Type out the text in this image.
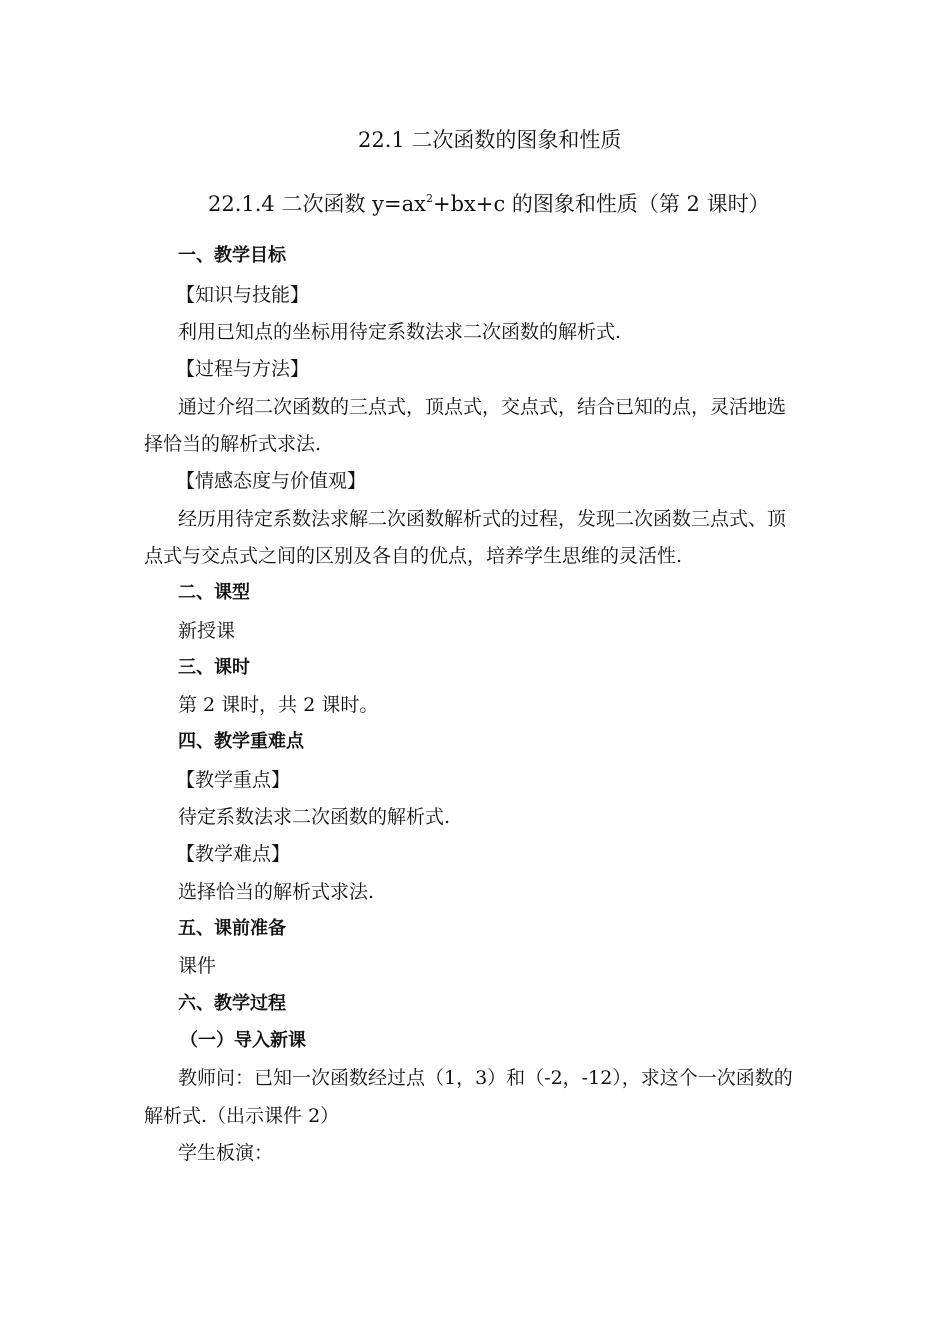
22.1 二次函数的图象和性质
22.1.4 二次函数 $y=ax^2+bx+c$ 的图象和性质（第 2 课时）
一、教学目标
【知识与技能】
利用已知点的坐标用待定系数法求二次函数的解析式.
【过程与方法】
通过介绍二次函数的三点式，顶点式，交点式，结合已知的点，灵活地选
择恰当的解析式求法.
【情感态度与价值观】
经历用待定系数法求解二次函数解析式的过程，发现二次函数三点式、顶
点式与交点式之间的区别及各自的优点，培养学生思维的灵活性.
二、课型
新授课
三、课时
第 2 课时，共 2 课时。
四、教学重难点
【教学重点】
待定系数法求二次函数的解析式.
【教学难点】
选择恰当的解析式求法.
五、课前准备
课件
六、教学过程
（一）导入新课
教师问：已知一次函数经过点（1，3）和（-2，-12），求这个一次函数的
解析式.（出示课件 2）
学生板演：
